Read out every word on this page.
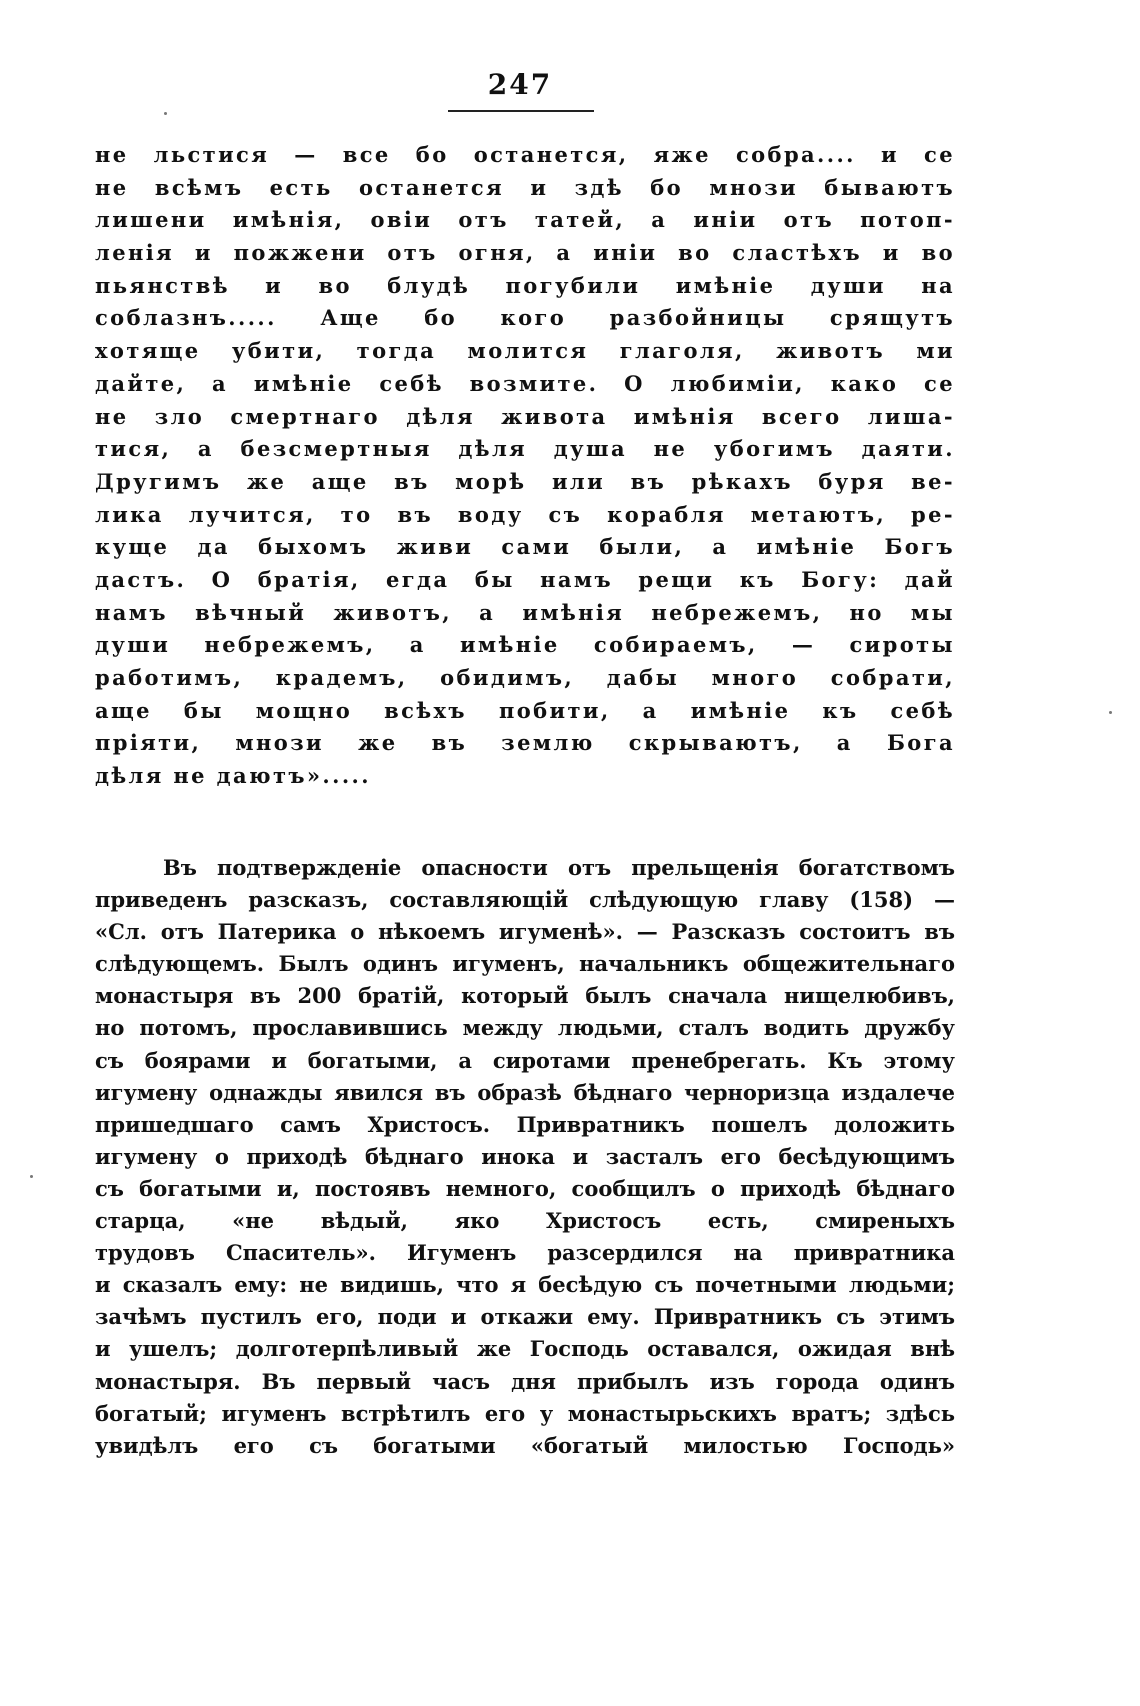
247
не льстися — все бо останется, яже собра.... и се
не всѣмъ есть останется и здѣ бо мнози бываютъ
лишени имѣнія, овіи отъ татей, а иніи отъ потоп-
ленія и пожжени отъ огня, а иніи во сластѣхъ и во
пьянствѣ и во блудѣ погубили имѣніе души на
соблазнъ..... Аще бо кого разбойницы срящутъ
хотяще убити, тогда молится глаголя, животъ ми
дайте, а имѣніе себѣ возмите. О любиміи, како се
не зло смертнаго дѣля живота имѣнія всего лиша-
тися, а безсмертныя дѣля душа не убогимъ даяти.
Другимъ же аще въ морѣ или въ рѣкахъ буря ве-
лика лучится, то въ воду съ корабля метаютъ, ре-
куще да быхомъ живи сами были, а имѣніе Богъ
дастъ. О братія, егда бы намъ рещи къ Богу: дай
намъ вѣчный животъ, а имѣнія небрежемъ, но мы
души небрежемъ, а имѣніе собираемъ, — сироты
работимъ, крадемъ, обидимъ, дабы много собрати,
аще бы мощно всѣхъ побити, а имѣніе къ себѣ
пріяти, мнози же въ землю скрываютъ, а Бога
дѣля не даютъ».....
Въ подтвержденіе опасности отъ прельщенія богатствомъ
приведенъ разсказъ, составляющій слѣдующую главу (158) —
«Сл. отъ Патерика о нѣкоемъ игуменѣ». — Разсказъ состоитъ въ
слѣдующемъ. Былъ одинъ игуменъ, начальникъ общежительнаго
монастыря въ 200 братій, который былъ сначала нищелюбивъ,
но потомъ, прославившись между людьми, сталъ водить дружбу
съ боярами и богатыми, а сиротами пренебрегать. Къ этому
игумену однажды явился въ образѣ бѣднаго черноризца издалече
пришедшаго самъ Христосъ. Привратникъ пошелъ доложить
игумену о приходѣ бѣднаго инока и засталъ его бесѣдующимъ
съ богатыми и, постоявъ немного, сообщилъ о приходѣ бѣднаго
старца, «не вѣдый, яко Христосъ есть, смиреныхъ
трудовъ Спаситель». Игуменъ разсердился на привратника
и сказалъ ему: не видишь, что я бесѣдую съ почетными людьми;
зачѣмъ пустилъ его, поди и откажи ему. Привратникъ съ этимъ
и ушелъ; долготерпѣливый же Господь оставался, ожидая внѣ
монастыря. Въ первый часъ дня прибылъ изъ города одинъ
богатый; игуменъ встрѣтилъ его у монастырьскихъ вратъ; здѣсь
увидѣлъ его съ богатыми «богатый милостью Господь»
